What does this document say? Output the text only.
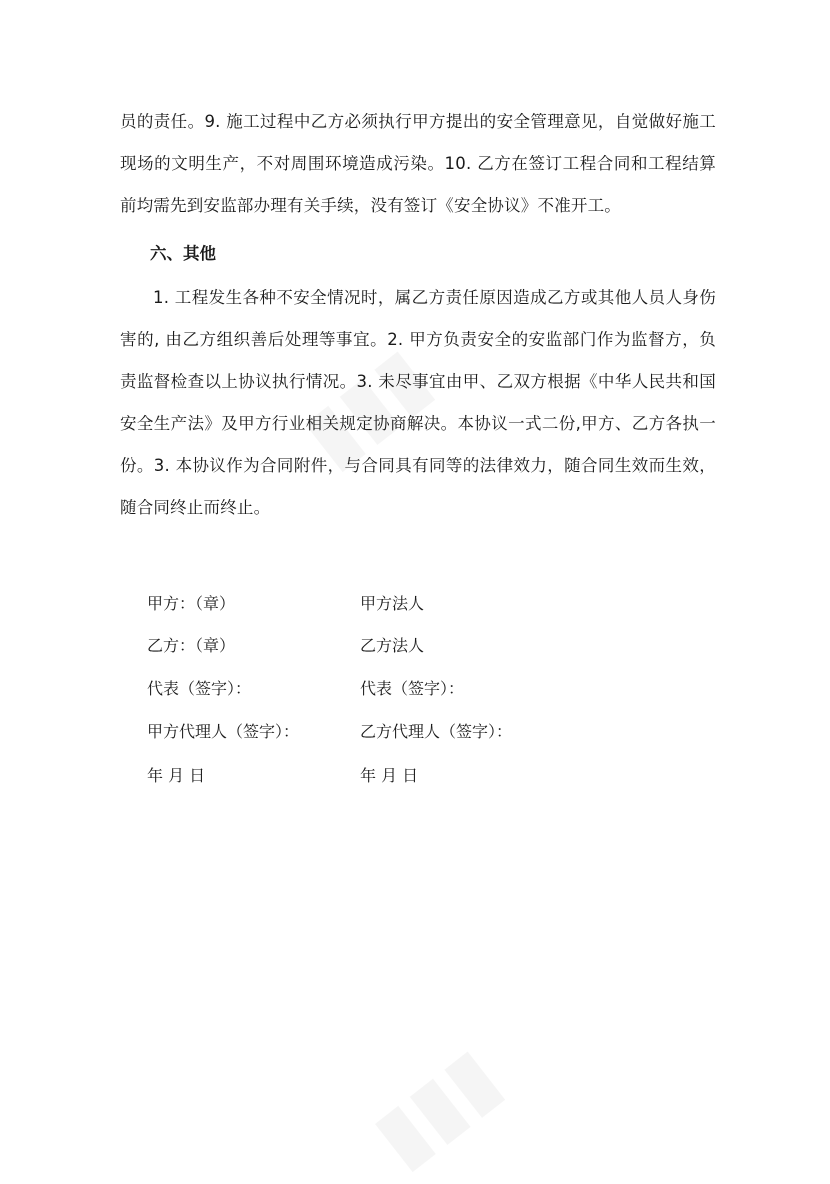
员的责任。9. 施工过程中乙方必须执行甲方提出的安全管理意见，自觉做好施工现场的文明生产，不对周围环境造成污染。10. 乙方在签订工程合同和工程结算前均需先到安监部办理有关手续，没有签订《安全协议》不准开工。

六、其他

1. 工程发生各种不安全情况时，属乙方责任原因造成乙方或其他人员人身伤害的, 由乙方组织善后处理等事宜。2. 甲方负责安全的安监部门作为监督方，负责监督检查以上协议执行情况。3. 未尽事宜由甲、乙双方根据《中华人民共和国安全生产法》及甲方行业相关规定协商解决。本协议一式二份,甲方、乙方各执一份。3. 本协议作为合同附件，与合同具有同等的法律效力，随合同生效而生效，随合同终止而终止。

甲方：（章）	甲方法人

乙方：（章）	乙方法人

代表（签字）：	代表（签字）：

甲方代理人（签字）：	乙方代理人（签字）：

年 月 日	年 月 日
